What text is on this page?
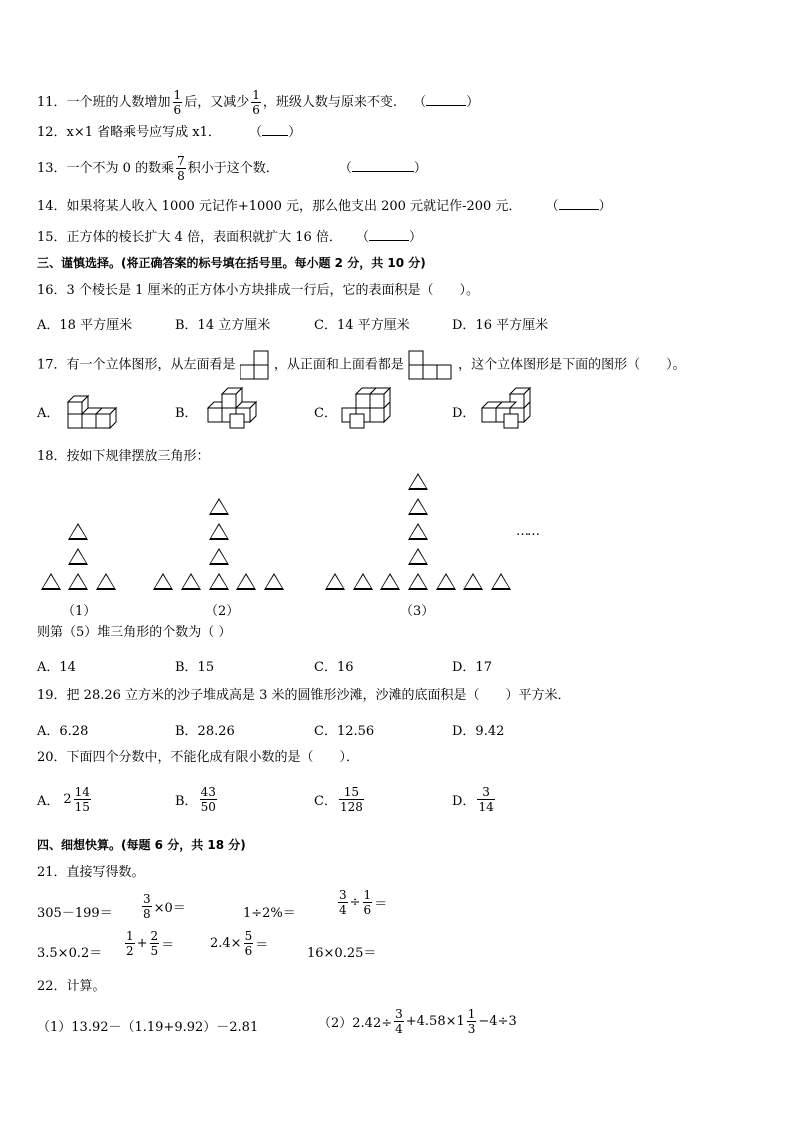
11．一个班的人数增加 $\frac{1}{6}$ 后，又减少 $\frac{1}{6}$ ，班级人数与原来不变. （	）
12．x×1 省略乘号应写成 x1． （ ）
13．一个不为 0 的数乘 $\frac{7}{8}$ 积小于这个数．	（	）
14．如果将某人收入 1000 元记作+1000 元，那么他支出 200 元就记作-200 元． （	）
15．正方体的棱长扩大 4 倍，表面积就扩大 16 倍． （	）
三、谨慎选择。(将正确答案的标号填在括号里。每小题 2 分，共 10 分)
16．3 个棱长是 1 厘米的正方体小方块排成一行后，它的表面积是（　　）。
A．18 平方厘米	B．14 立方厘米	C．14 平方厘米	D．16 平方厘米
17．有一个立体图形，从左面看是	，从正面和上面看都是	，这个立体图形是下面的图形（　　）。
A．	B．	C．	D．
18．按如下规律摆放三角形：
……
（1）	（2）	（3）
则第（5）堆三角形的个数为（ ）
A．14	B．15	C．16	D．17
19．把 28.26 立方米的沙子堆成高是 3 米的圆锥形沙滩，沙滩的底面积是（　　）平方米．
A．6.28	B．28.26	C．12.56	D．9.42
20．下面四个分数中，不能化成有限小数的是（　　）．
A． $2 \frac{14}{15}$	B． $\frac{43}{50}$	C． $\frac{15}{128}$	D． $\frac{3}{14}$
四、细想快算。(每题 6 分，共 18 分)
21．直接写得数。
$305-199= \frac{3}{8} \times 0=$	1÷2%＝	$\frac{3}{4} \div \frac{1}{6}$ ＝
$3.5\times 0.2= \frac{1}{2} + \frac{2}{5}$ ＝	$2.4\times \frac{5}{6}$ ＝
16×0.25＝
22．计算。
（1）13.92－（1.19+9.92）－2.81	$(2)2.42\div \frac{3}{4} +4.58\times 1 \frac{1}{3} -4\div 3$
